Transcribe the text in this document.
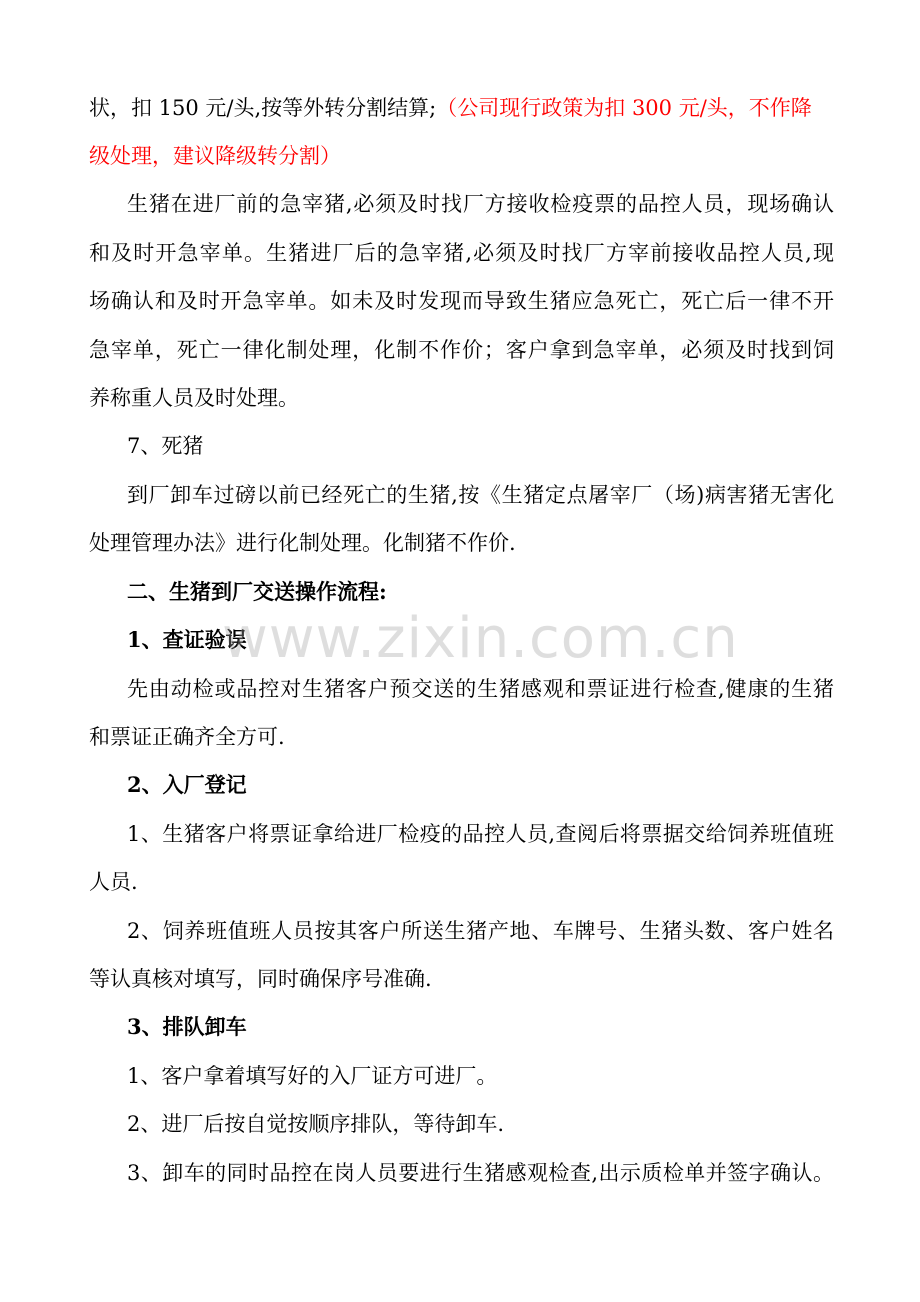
状，扣 150 元/头,按等外转分割结算;（公司现行政策为扣 300 元/头，不作降
级处理，建议降级转分割）
生猪在进厂前的急宰猪,必须及时找厂方接收检疫票的品控人员，现场确认
和及时开急宰单。生猪进厂后的急宰猪,必须及时找厂方宰前接收品控人员,现
场确认和及时开急宰单。如未及时发现而导致生猪应急死亡，死亡后一律不开
急宰单，死亡一律化制处理，化制不作价；客户拿到急宰单，必须及时找到饲
养称重人员及时处理。
7、死猪
到厂卸车过磅以前已经死亡的生猪,按《生猪定点屠宰厂（场)病害猪无害化
处理管理办法》进行化制处理。化制猪不作价.
二、生猪到厂交送操作流程:
1、查证验误
先由动检或品控对生猪客户预交送的生猪感观和票证进行检查,健康的生猪
和票证正确齐全方可.
2、入厂登记
1、生猪客户将票证拿给进厂检疫的品控人员,查阅后将票据交给饲养班值班
人员.
2、饲养班值班人员按其客户所送生猪产地、车牌号、生猪头数、客户姓名
等认真核对填写，同时确保序号准确.
3、排队卸车
1、客户拿着填写好的入厂证方可进厂。
2、进厂后按自觉按顺序排队，等待卸车.
3、卸车的同时品控在岗人员要进行生猪感观检查,出示质检单并签字确认。
www.zixin.com.cn
